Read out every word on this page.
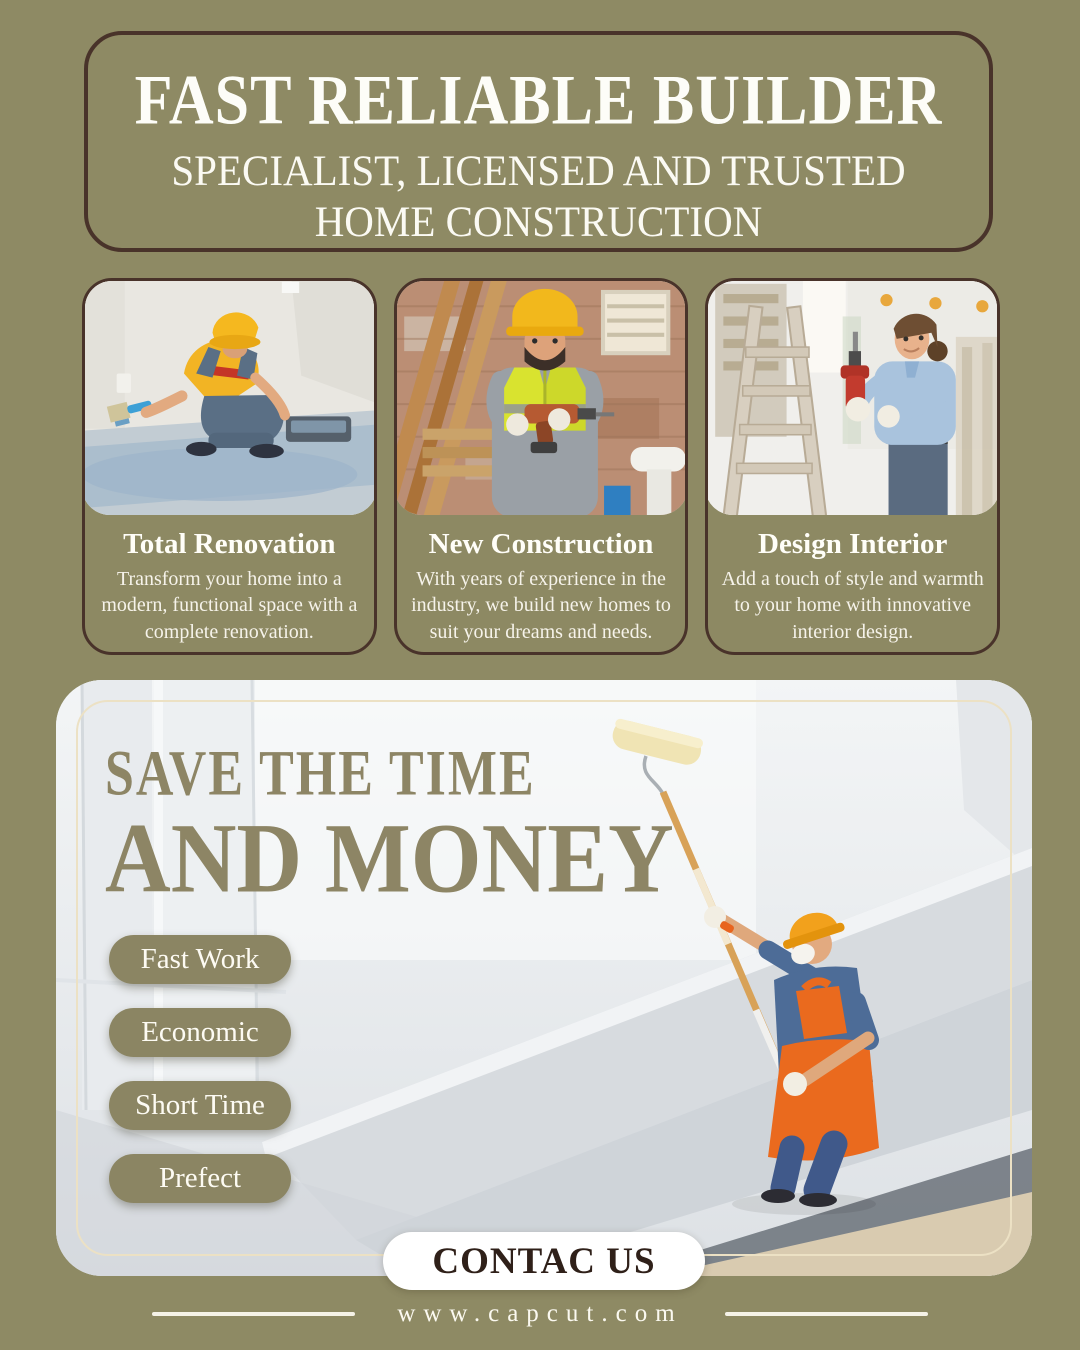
FAST RELIABLE BUILDER
SPECIALIST, LICENSED AND TRUSTED
HOME CONSTRUCTION
Total Renovation
Transform your home into a modern, functional space with a complete renovation.
New Construction
With years of experience in the industry, we build new homes to suit your dreams and needs.
Design Interior
Add a touch of style and warmth to your home with innovative interior design.
SAVE THE TIME
AND MONEY
Fast Work
Economic
Short Time
Prefect
CONTAC US
www.capcut.com
